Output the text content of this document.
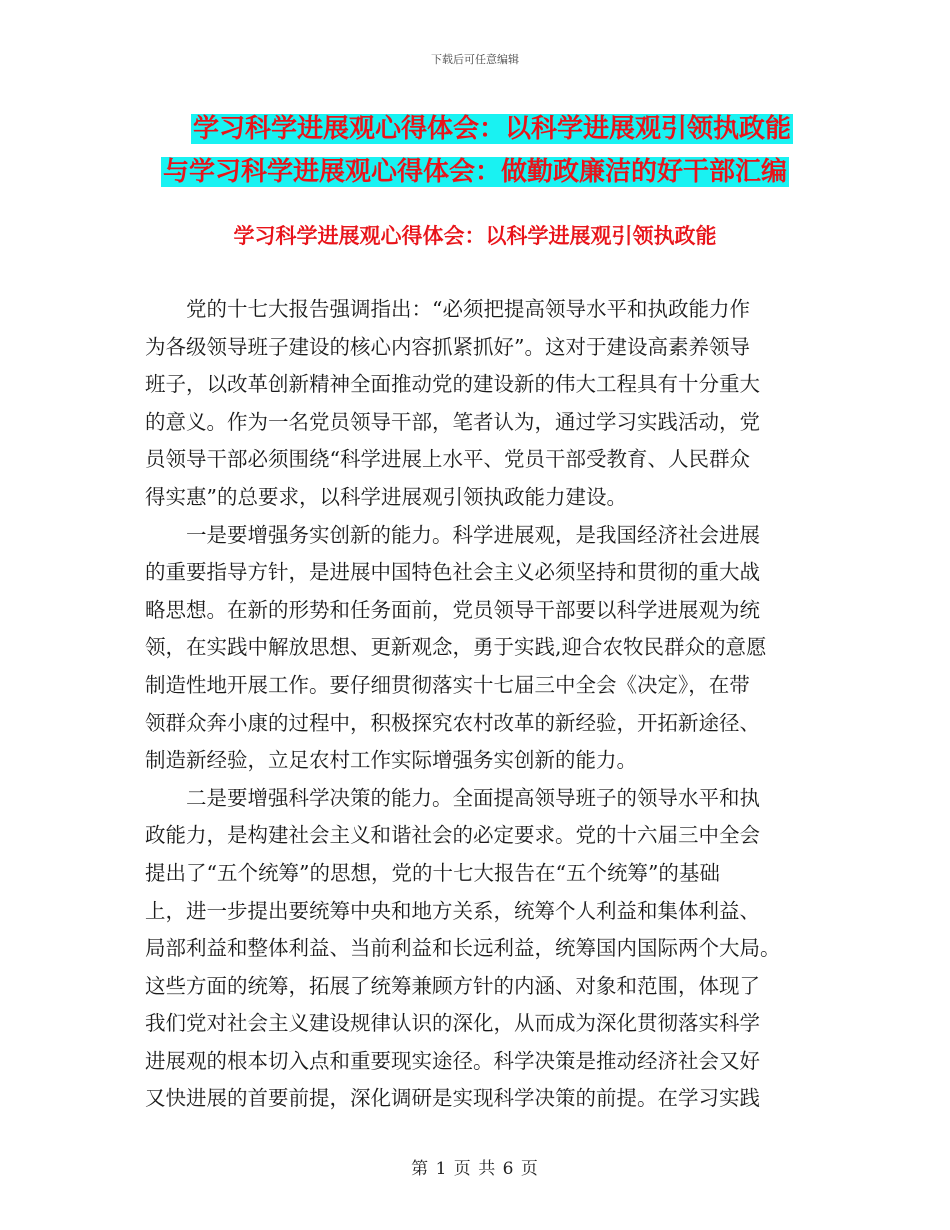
下载后可任意编辑
学习科学进展观心得体会：以科学进展观引领执政能
与学习科学进展观心得体会：做勤政廉洁的好干部汇编
学习科学进展观心得体会：以科学进展观引领执政能

　　党的十七大报告强调指出：“必须把提高领导水平和执政能力作

为各级领导班子建设的核心内容抓紧抓好”。这对于建设高素养领导

班子，以改革创新精神全面推动党的建设新的伟大工程具有十分重大

的意义。作为一名党员领导干部，笔者认为，通过学习实践活动，党

员领导干部必须围绕“科学进展上水平、党员干部受教育、人民群众

得实惠”的总要求，以科学进展观引领执政能力建设。

　　一是要增强务实创新的能力。科学进展观，是我国经济社会进展

的重要指导方针，是进展中国特色社会主义必须坚持和贯彻的重大战

略思想。在新的形势和任务面前，党员领导干部要以科学进展观为统

领，在实践中解放思想、更新观念，勇于实践,迎合农牧民群众的意愿

制造性地开展工作。要仔细贯彻落实十七届三中全会《决定》，在带

领群众奔小康的过程中，积极探究农村改革的新经验，开拓新途径、

制造新经验，立足农村工作实际增强务实创新的能力。

　　二是要增强科学决策的能力。全面提高领导班子的领导水平和执

政能力，是构建社会主义和谐社会的必定要求。党的十六届三中全会

提出了“五个统筹”的思想，党的十七大报告在“五个统筹”的基础

上，进一步提出要统筹中央和地方关系，统筹个人利益和集体利益、

局部利益和整体利益、当前利益和长远利益，统筹国内国际两个大局。

这些方面的统筹，拓展了统筹兼顾方针的内涵、对象和范围，体现了

我们党对社会主义建设规律认识的深化，从而成为深化贯彻落实科学

进展观的根本切入点和重要现实途径。科学决策是推动经济社会又好

又快进展的首要前提，深化调研是实现科学决策的前提。在学习实践

第 1 页 共 6 页
